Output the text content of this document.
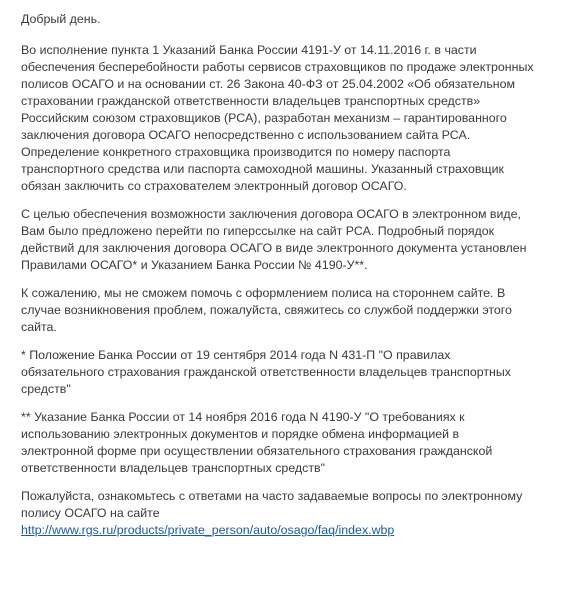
Добрый день.

Во исполнение пункта 1 Указаний Банка России 4191-У от 14.11.2016 г. в части
обеспечения бесперебойности работы сервисов страховщиков по продаже электронных
полисов ОСАГО и на основании ст. 26 Закона 40-ФЗ от 25.04.2002 «Об обязательном
страховании гражданской ответственности владельцев транспортных средств»
Российским союзом страховщиков (РСА), разработан механизм – гарантированного
заключения договора ОСАГО непосредственно с использованием сайта РСА.
Определение конкретного страховщика производится по номеру паспорта
транспортного средства или паспорта самоходной машины. Указанный страховщик
обязан заключить со страхователем электронный договор ОСАГО.

С целью обеспечения возможности заключения договора ОСАГО в электронном виде,
Вам было предложено перейти по гиперссылке на сайт РСА. Подробный порядок
действий для заключения договора ОСАГО в виде электронного документа установлен
Правилами ОСАГО* и Указанием Банка России № 4190-У**.

К сожалению, мы не сможем помочь с оформлением полиса на стороннем сайте. В
случае возникновения проблем, пожалуйста, свяжитесь со службой поддержки этого
сайта.

* Положение Банка России от 19 сентября 2014 года N 431-П "О правилах
обязательного страхования гражданской ответственности владельцев транспортных
средств"

** Указание Банка России от 14 ноября 2016 года N 4190-У "О требованиях к
использованию электронных документов и порядке обмена информацией в
электронной форме при осуществлении обязательного страхования гражданской
ответственности владельцев транспортных средств"

Пожалуйста, ознакомьтесь с ответами на часто задаваемые вопросы по электронному
полису ОСАГО на сайте
http://www.rgs.ru/products/private_person/auto/osago/faq/index.wbp
